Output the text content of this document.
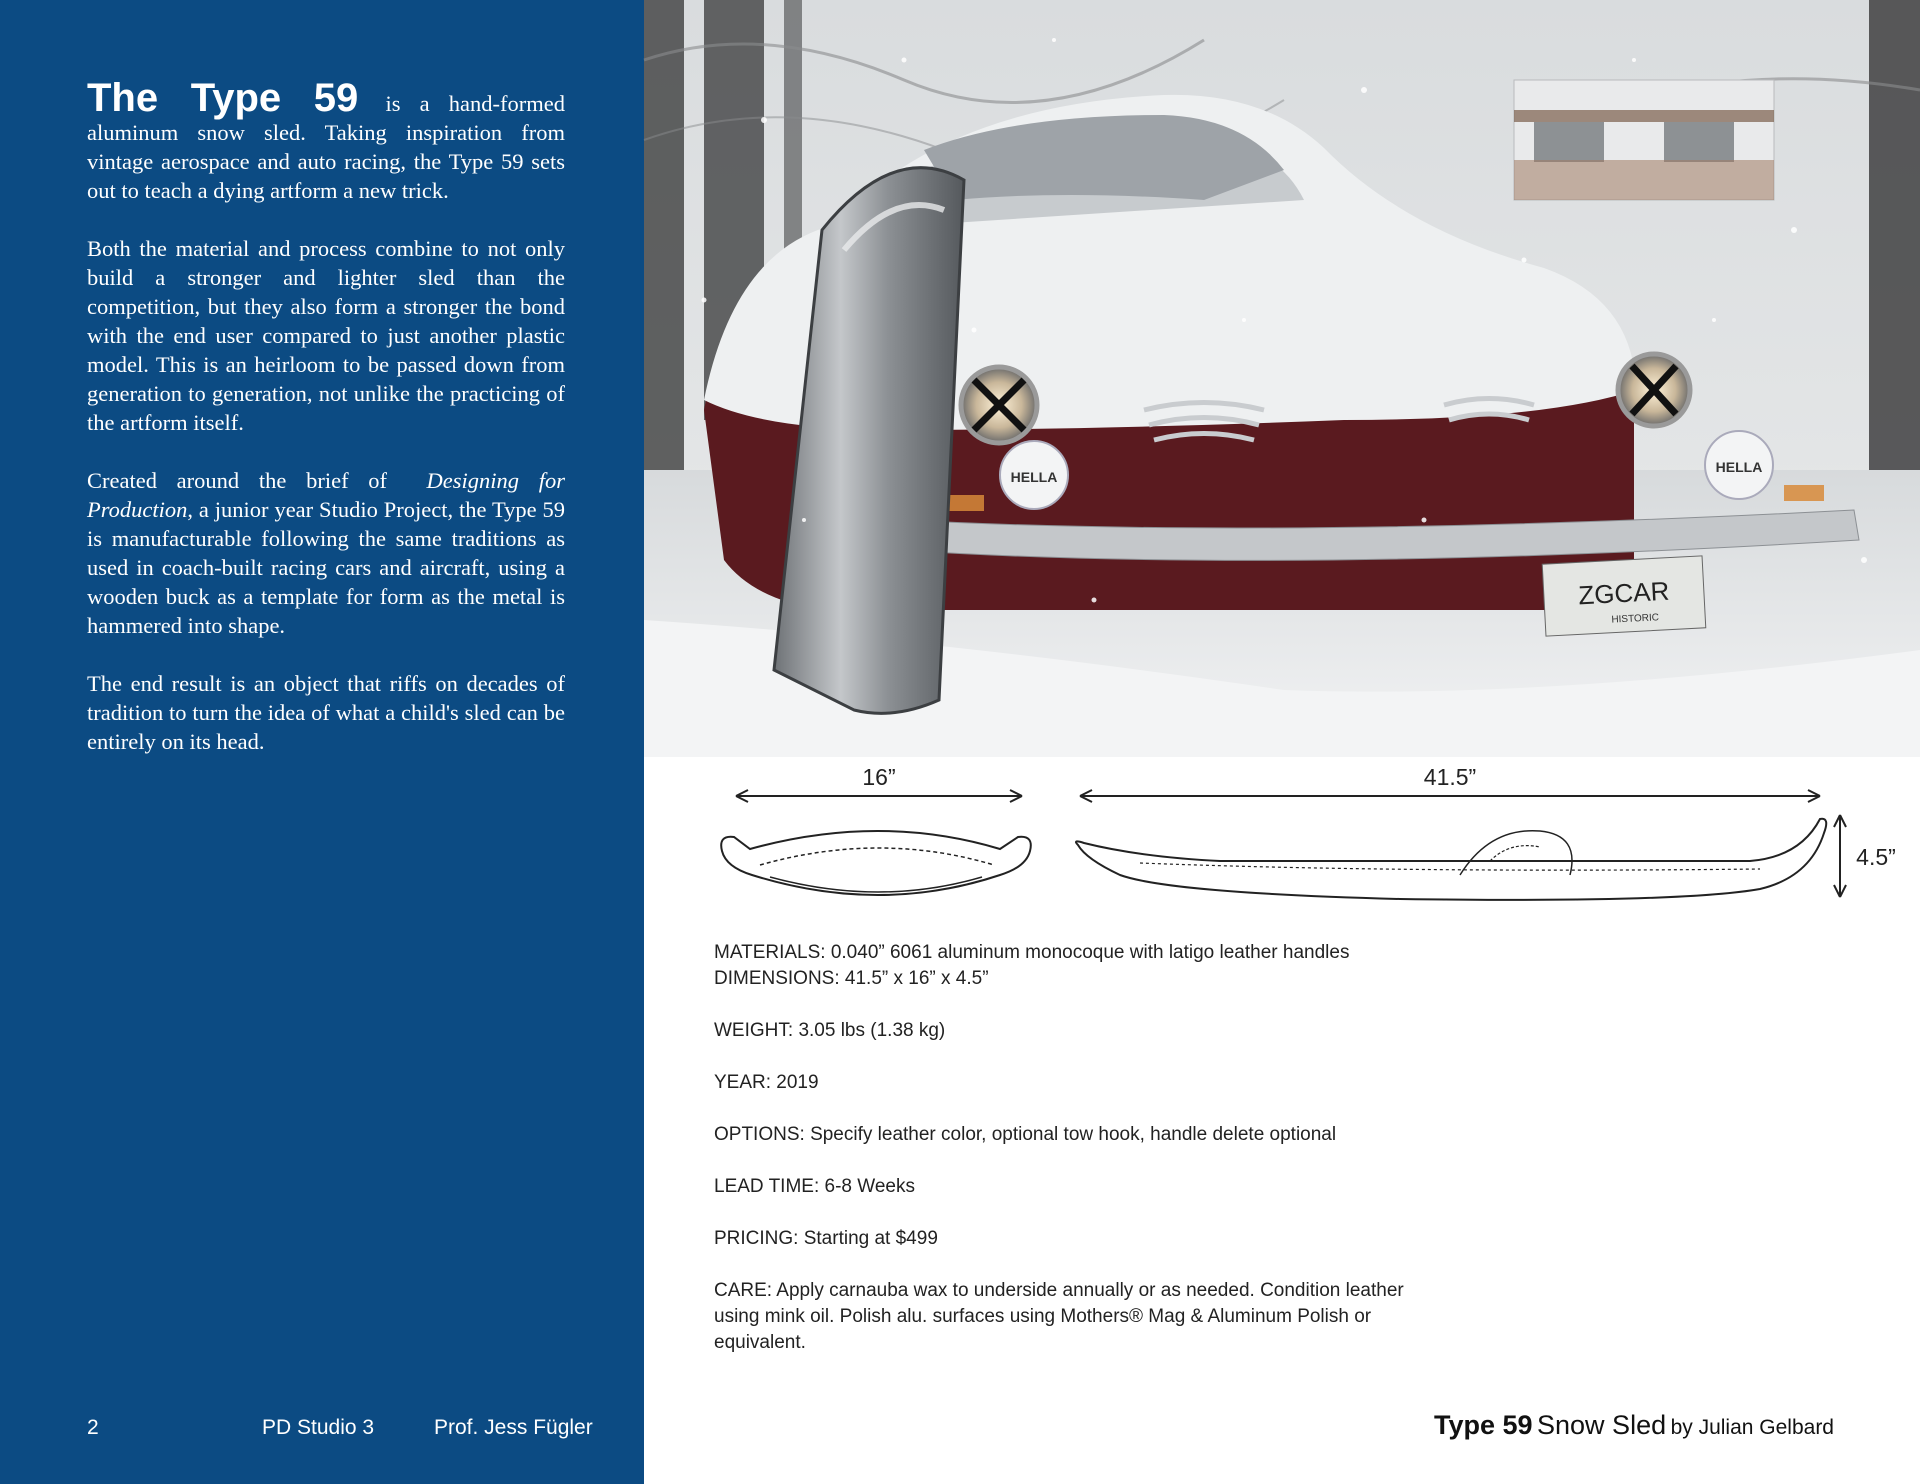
The Type 59 is a hand-formed aluminum snow sled. Taking inspiration from vintage aerospace and auto racing, the Type 59 sets out to teach a dying artform a new trick.

Both the material and process combine to not only build a stronger and lighter sled than the competition, but they also form a stronger the bond with the end user compared to just another plastic model. This is an heirloom to be passed down from generation to generation, not unlike the practicing of the artform itself.

Created around the brief of Designing for Production, a junior year Studio Project, the Type 59 is manufacturable following the same traditions as used in coach-built racing cars and aircraft, using a wooden buck as a template for form as the metal is hammered into shape.

The end result is an object that riffs on decades of tradition to turn the idea of what a child's sled can be entirely on its head.

2	PD Studio 3	Prof. Jess Fügler
HELLA
HELLA
ZGCAR
HISTORIC
16”	41.5”
4.5”

MATERIALS: 0.040” 6061 aluminum monocoque with latigo leather handles

DIMENSIONS: 41.5” x 16” x 4.5”

WEIGHT: 3.05 lbs (1.38 kg)

YEAR: 2019

OPTIONS: Specify leather color, optional tow hook, handle delete optional

LEAD TIME: 6-8 Weeks

PRICING: Starting at $499

CARE: Apply carnauba wax to underside annually or as needed. Condition leather using mink oil. Polish alu. surfaces using Mothers® Mag & Aluminum Polish or equivalent.

Type 59 Snow Sled by Julian Gelbard
